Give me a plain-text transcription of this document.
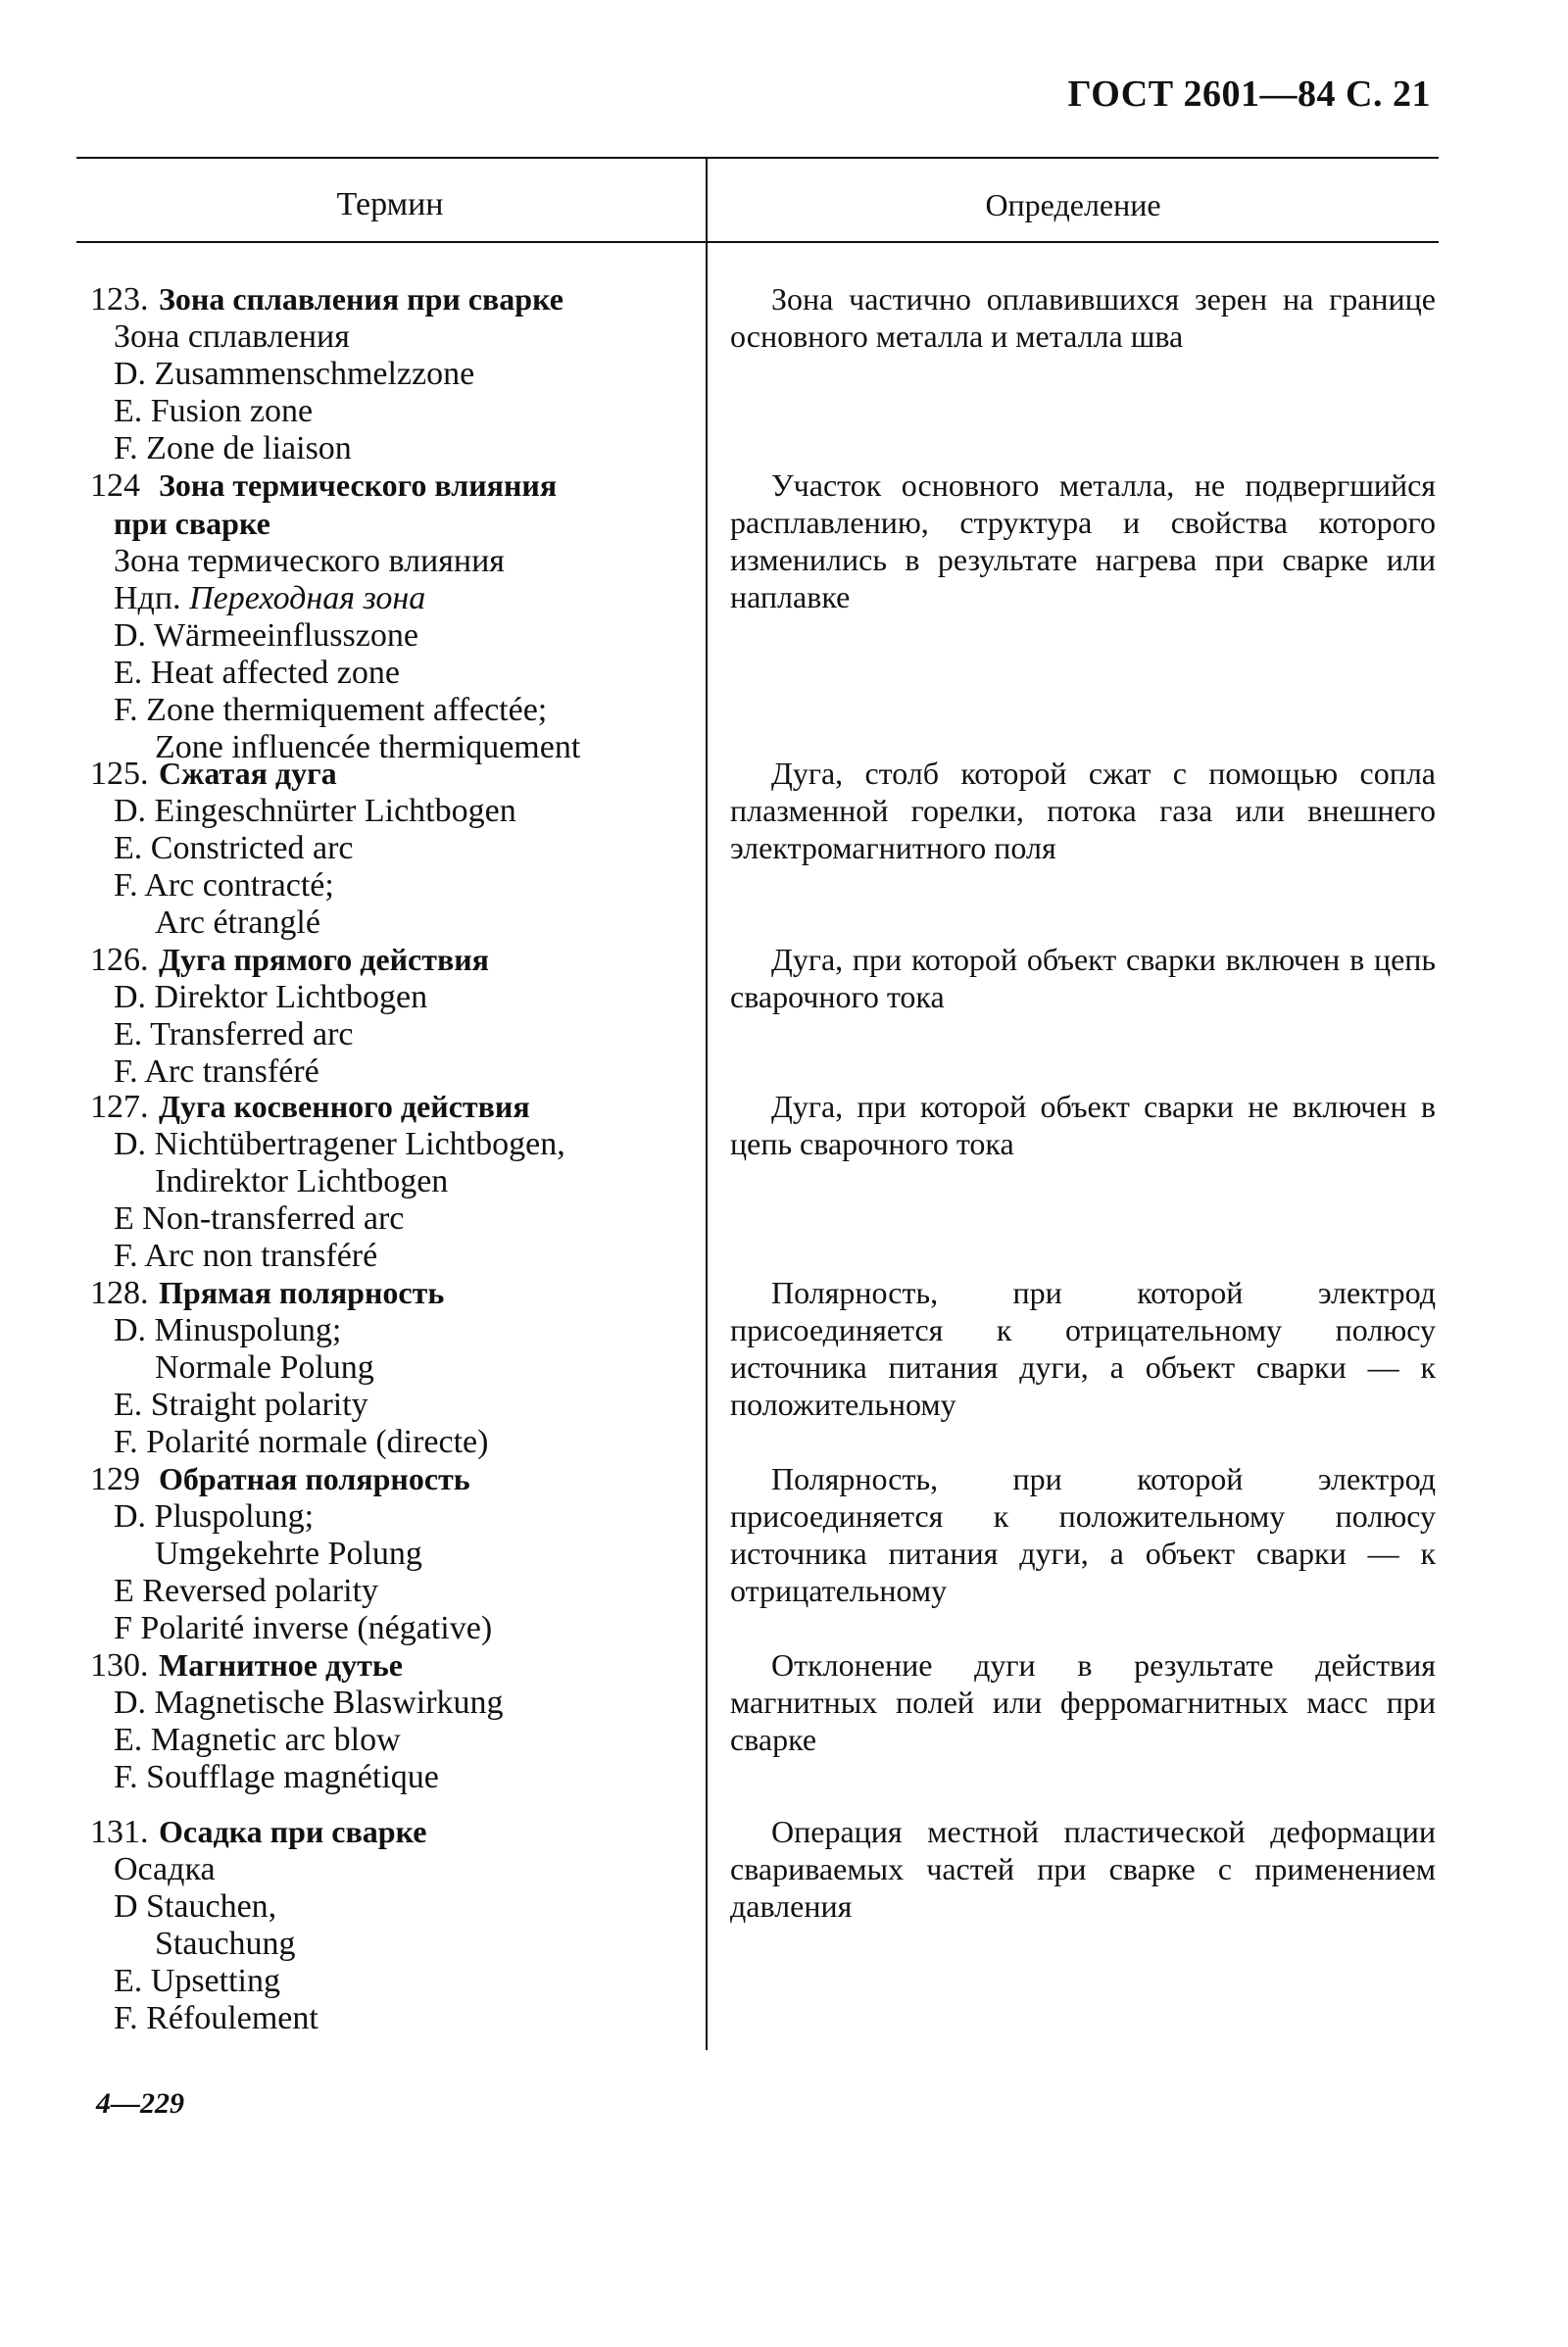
ГОСТ 2601—84 С. 21
Термин	Определение
123. Зона сплавления при сварке
Зона сплавления
D. Zusammenschmelzzone
E. Fusion zone
F. Zone de liaison
Зона частично оплавившихся зерен на границе основного металла и металла шва
124 Зона термического влияния
при сварке
Зона термического влияния
Ндп. Переходная зона
D. Wärmeeinflusszone
E. Heat affected zone
F. Zone thermiquement affectée;
Zone influencée thermiquement
Участок основного металла, не подвергшийся расплавлению, структура и свойства которого изменились в результате нагрева при сварке или наплавке
125. Сжатая дуга
D. Eingeschnürter Lichtbogen
E. Constricted arc
F. Arc contracté;
Arc étranglé
Дуга, столб которой сжат с помощью сопла плазменной горелки, потока газа или внешнего электромагнитного поля
126. Дуга прямого действия
D. Direktor Lichtbogen
E. Transferred arc
F. Arc transféré
Дуга, при которой объект сварки включен в цепь сварочного тока
127. Дуга косвенного действия
D. Nichtübertragener Lichtbogen,
Indirektor Lichtbogen
E Non-transferred arc
F. Arc non transféré
Дуга, при которой объект сварки не включен в цепь сварочного тока
128. Прямая полярность
D. Minuspolung;
Normale Polung
E. Straight polarity
F. Polarité normale (directe)
Полярность, при которой электрод присоединяется к отрицательному полюсу источника питания дуги, а объект сварки — к положительному
129 Обратная полярность
D. Pluspolung;
Umgekehrte Polung
E Reversed polarity
F Polarité inverse (négative)
Полярность, при которой электрод присоединяется к положительному полюсу источника питания дуги, а объект сварки — к отрицательному
130. Магнитное дутье
D. Magnetische Blaswirkung
E. Magnetic arc blow
F. Soufflage magnétique
Отклонение дуги в результате действия магнитных полей или ферромагнитных масс при сварке
131. Осадка при сварке
Осадка
D Stauchen,
Stauchung
E. Upsetting
F. Réfoulement
Операция местной пластической деформации свариваемых частей при сварке с применением давления
4—229
